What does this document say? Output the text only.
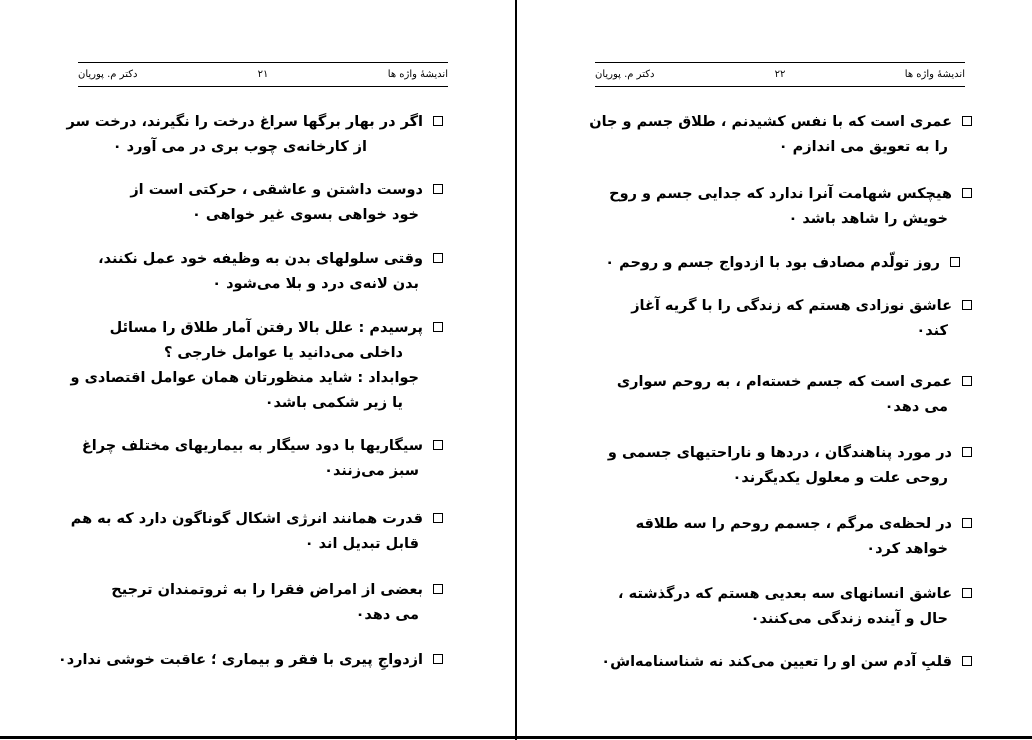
اندیشهٔ واژه ها
۲۱
دکتر م. پوریان
اگر در بهار برگها سراغ درخت را نگیرند، درخت سر
از کارخانه‌ی چوب بری در می آورد ۰
دوست داشتن و عاشقی ، حرکتی است از
خود خواهی بسوی غیر خواهی ۰
وقتی سلولهای بدن به وظیفه خود عمل نکنند،
بدن لانه‌ی درد و بلا می‌شود ۰
پرسیدم : علل بالا رفتن آمار طلاق را مسائل
داخلی می‌دانید یا عوامل خارجی ؟
جوابداد : شاید منظورتان همان عوامل اقتصادی و
یا زیر شکمی باشد۰
سیگاریها با دود سیگار به بیماریهای مختلف چراغ
سبز می‌زنند۰
قدرت همانند انرژی اشکال گوناگون دارد که به هم
قابل تبدیل اند ۰
بعضی از امراض فقرا را به ثروتمندان ترجیح
می دهد۰
ازدواجِ پیری با فقر و بیماری ؛ عاقبت خوشی ندارد۰
اندیشهٔ واژه ها
۲۲
دکتر م. پوریان
عمری است که با نفس کشیدنم ، طلاق جسم و جان
را به تعویق می اندازم ۰
هیچکس شهامت آنرا ندارد که جدایی جسم و روح
خویش را شاهد باشد ۰
روز تولّدم مصادف بود با ازدواج جسم و روحم ۰
عاشق نوزادی هستم که زندگی را با گریه آغاز
کند۰
عمری است که جسم خسته‌ام ، به روحم سواری
می دهد۰
در مورد پناهندگان ، دردها و ناراحتیهای جسمی و
روحی علت و معلول یکدیگرند۰
در لحظه‌ی مرگم ، جسمم روحم را سه طلاقه
خواهد کرد۰
عاشق انسانهای سه بعدیی هستم که درگذشته ،
حال و آینده زندگی می‌کنند۰
قلبِ آدم سن او را تعیین می‌کند نه شناسنامه‌اش۰
